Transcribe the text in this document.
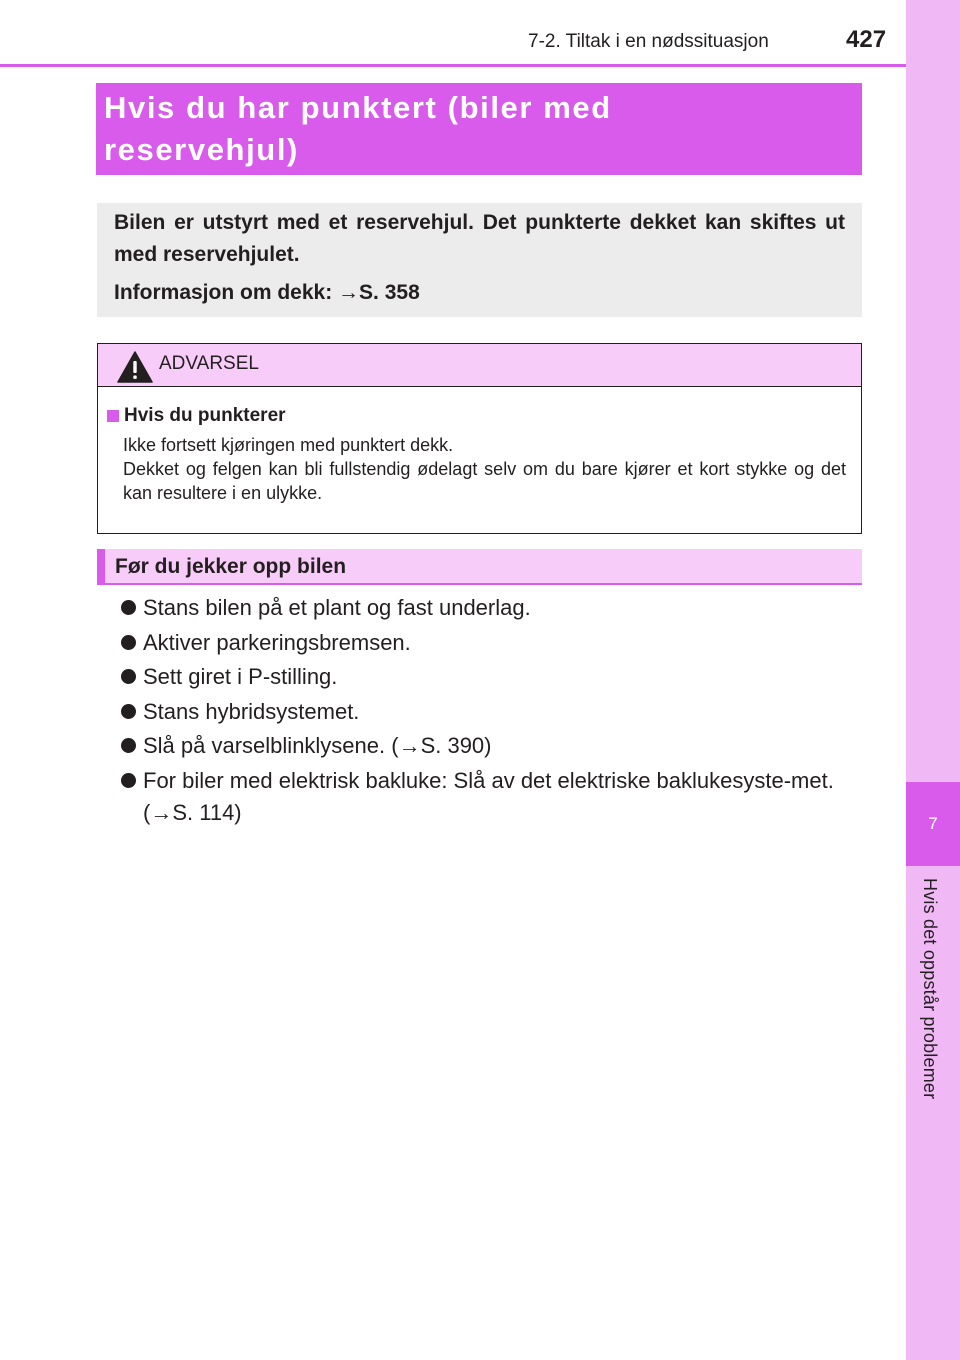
7
Hvis det oppstår problemer
7-2. Tiltak i en nødssituasjon	427
Hvis du har punktert (biler med
reservehjul)

Bilen er utstyrt med et reservehjul. Det punkterte dekket kan skiftes ut med reservehjulet.

Informasjon om dekk: →S. 358

ADVARSEL
Hvis du punkterer

Ikke fortsett kjøringen med punktert dekk.

Dekket og felgen kan bli fullstendig ødelagt selv om du bare kjører et kort stykke og det kan resultere i en ulykke.

Før du jekker opp bilen
Stans bilen på et plant og fast underlag.
Aktiver parkeringsbremsen.
Sett giret i P-stilling.
Stans hybridsystemet.
Slå på varselblinklysene. (→S. 390)
For biler med elektrisk bakluke: Slå av det elektriske baklukesyste-met. (→S. 114)
